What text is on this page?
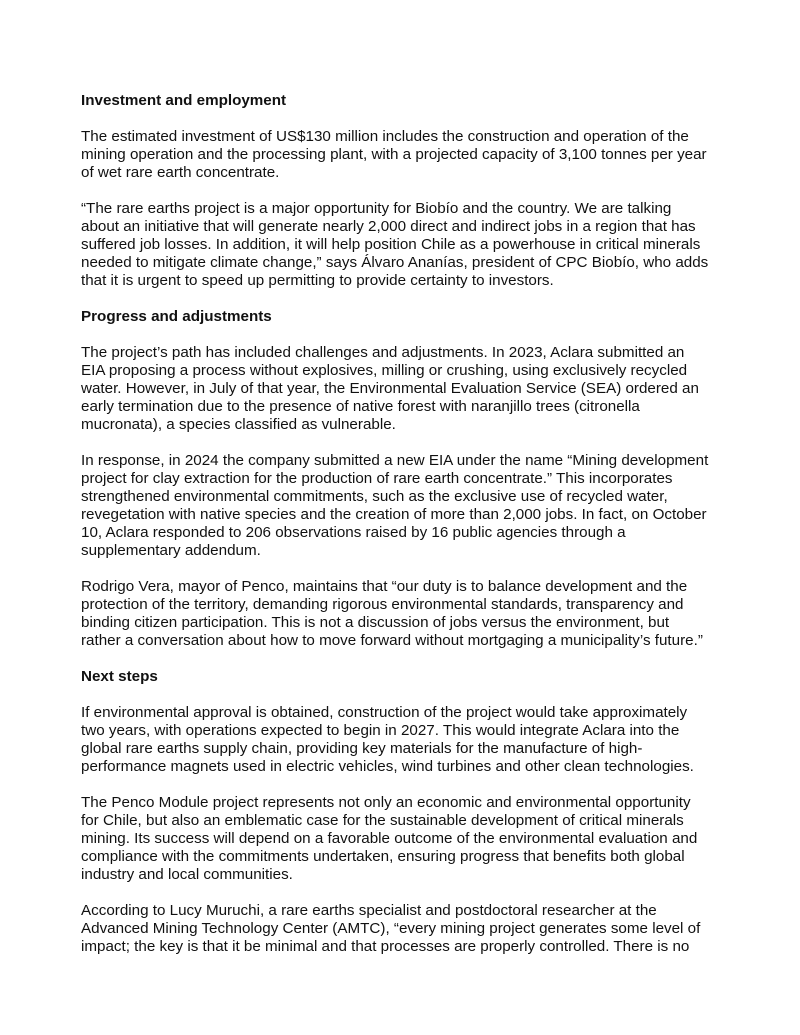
Investment and employment

The estimated investment of US$130 million includes the construction and operation of the
mining operation and the processing plant, with a projected capacity of 3,100 tonnes per year
of wet rare earth concentrate.

“The rare earths project is a major opportunity for Biobío and the country. We are talking
about an initiative that will generate nearly 2,000 direct and indirect jobs in a region that has
suffered job losses. In addition, it will help position Chile as a powerhouse in critical minerals
needed to mitigate climate change,” says Álvaro Ananías, president of CPC Biobío, who adds
that it is urgent to speed up permitting to provide certainty to investors.

Progress and adjustments

The project’s path has included challenges and adjustments. In 2023, Aclara submitted an
EIA proposing a process without explosives, milling or crushing, using exclusively recycled
water. However, in July of that year, the Environmental Evaluation Service (SEA) ordered an
early termination due to the presence of native forest with naranjillo trees (citronella
mucronata), a species classified as vulnerable.

In response, in 2024 the company submitted a new EIA under the name “Mining development
project for clay extraction for the production of rare earth concentrate.” This incorporates
strengthened environmental commitments, such as the exclusive use of recycled water,
revegetation with native species and the creation of more than 2,000 jobs. In fact, on October
10, Aclara responded to 206 observations raised by 16 public agencies through a
supplementary addendum.

Rodrigo Vera, mayor of Penco, maintains that “our duty is to balance development and the
protection of the territory, demanding rigorous environmental standards, transparency and
binding citizen participation. This is not a discussion of jobs versus the environment, but
rather a conversation about how to move forward without mortgaging a municipality’s future.”

Next steps

If environmental approval is obtained, construction of the project would take approximately
two years, with operations expected to begin in 2027. This would integrate Aclara into the
global rare earths supply chain, providing key materials for the manufacture of high-
performance magnets used in electric vehicles, wind turbines and other clean technologies.

The Penco Module project represents not only an economic and environmental opportunity
for Chile, but also an emblematic case for the sustainable development of critical minerals
mining. Its success will depend on a favorable outcome of the environmental evaluation and
compliance with the commitments undertaken, ensuring progress that benefits both global
industry and local communities.

According to Lucy Muruchi, a rare earths specialist and postdoctoral researcher at the
Advanced Mining Technology Center (AMTC), “every mining project generates some level of
impact; the key is that it be minimal and that processes are properly controlled. There is no
